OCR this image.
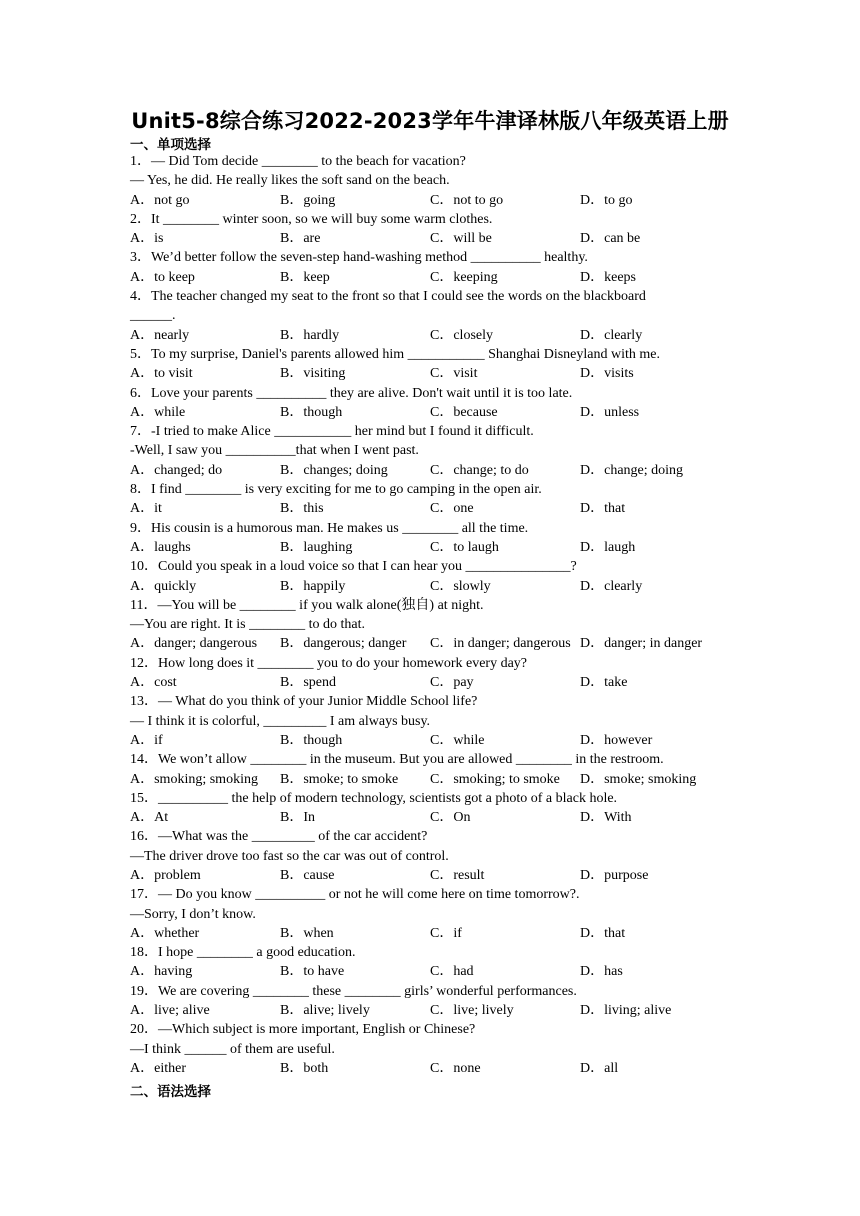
Unit5-8综合练习2022-2023学年牛津译林版八年级英语上册
一、单项选择
1．— Did Tom decide ________ to the beach for vacation?
— Yes, he did. He really likes the soft sand on the beach.
A．not go	B．going	C．not to go	D．to go
2．It ________ winter soon, so we will buy some warm clothes.
A．is	B．are	C．will be	D．can be
3．We’d better follow the seven-step hand-washing method __________ healthy.
A．to keep	B．keep	C．keeping	D．keeps
4．The teacher changed my seat to the front so that I could see the words on the blackboard
______.
A．nearly	B．hardly	C．closely	D．clearly
5．To my surprise, Daniel's parents allowed him ___________ Shanghai Disneyland with me.
A．to visit	B．visiting	C．visit	D．visits
6．Love your parents __________ they are alive. Don't wait until it is too late.
A．while	B．though	C．because	D．unless
7．-I tried to make Alice ___________ her mind but I found it difficult.
-Well, I saw you __________that when I went past.
A．changed; do	B．changes; doing	C．change; to do	D．change; doing
8．I find ________ is very exciting for me to go camping in the open air.
A．it	B．this	C．one	D．that
9．His cousin is a humorous man. He makes us ________ all the time.
A．laughs	B．laughing	C．to laugh	D．laugh
10．Could you speak in a loud voice so that I can hear you _______________?
A．quickly	B．happily	C．slowly	D．clearly
11．—You will be ________ if you walk alone(独自) at night.
—You are right. It is ________ to do that.
A．danger; dangerous B．dangerous; danger C．in danger; dangerous D．danger; in danger
12．How long does it ________ you to do your homework every day?
A．cost	B．spend	C．pay	D．take
13．— What do you think of your Junior Middle School life?
— I think it is colorful, _________ I am always busy.
A．if	B．though	C．while	D．however
14．We won’t allow ________ in the museum. But you are allowed ________ in the restroom.
A．smoking; smoking B．smoke; to smoke C．smoking; to smoke D．smoke; smoking
15．__________ the help of modern technology, scientists got a photo of a black hole.
A．At	B．In	C．On	D．With
16．—What was the _________ of the car accident?
—The driver drove too fast so the car was out of control.
A．problem	B．cause	C．result	D．purpose
17．— Do you know __________ or not he will come here on time tomorrow?.
—Sorry, I don’t know.
A．whether	B．when	C．if	D．that
18．I hope ________ a good education.
A．having	B．to have	C．had	D．has
19．We are covering ________ these ________ girls’ wonderful performances.
A．live; alive	B．alive; lively	C．live; lively	D．living; alive
20．—Which subject is more important, English or Chinese?
—I think ______ of them are useful.
A．either	B．both	C．none	D．all
二、语法选择
